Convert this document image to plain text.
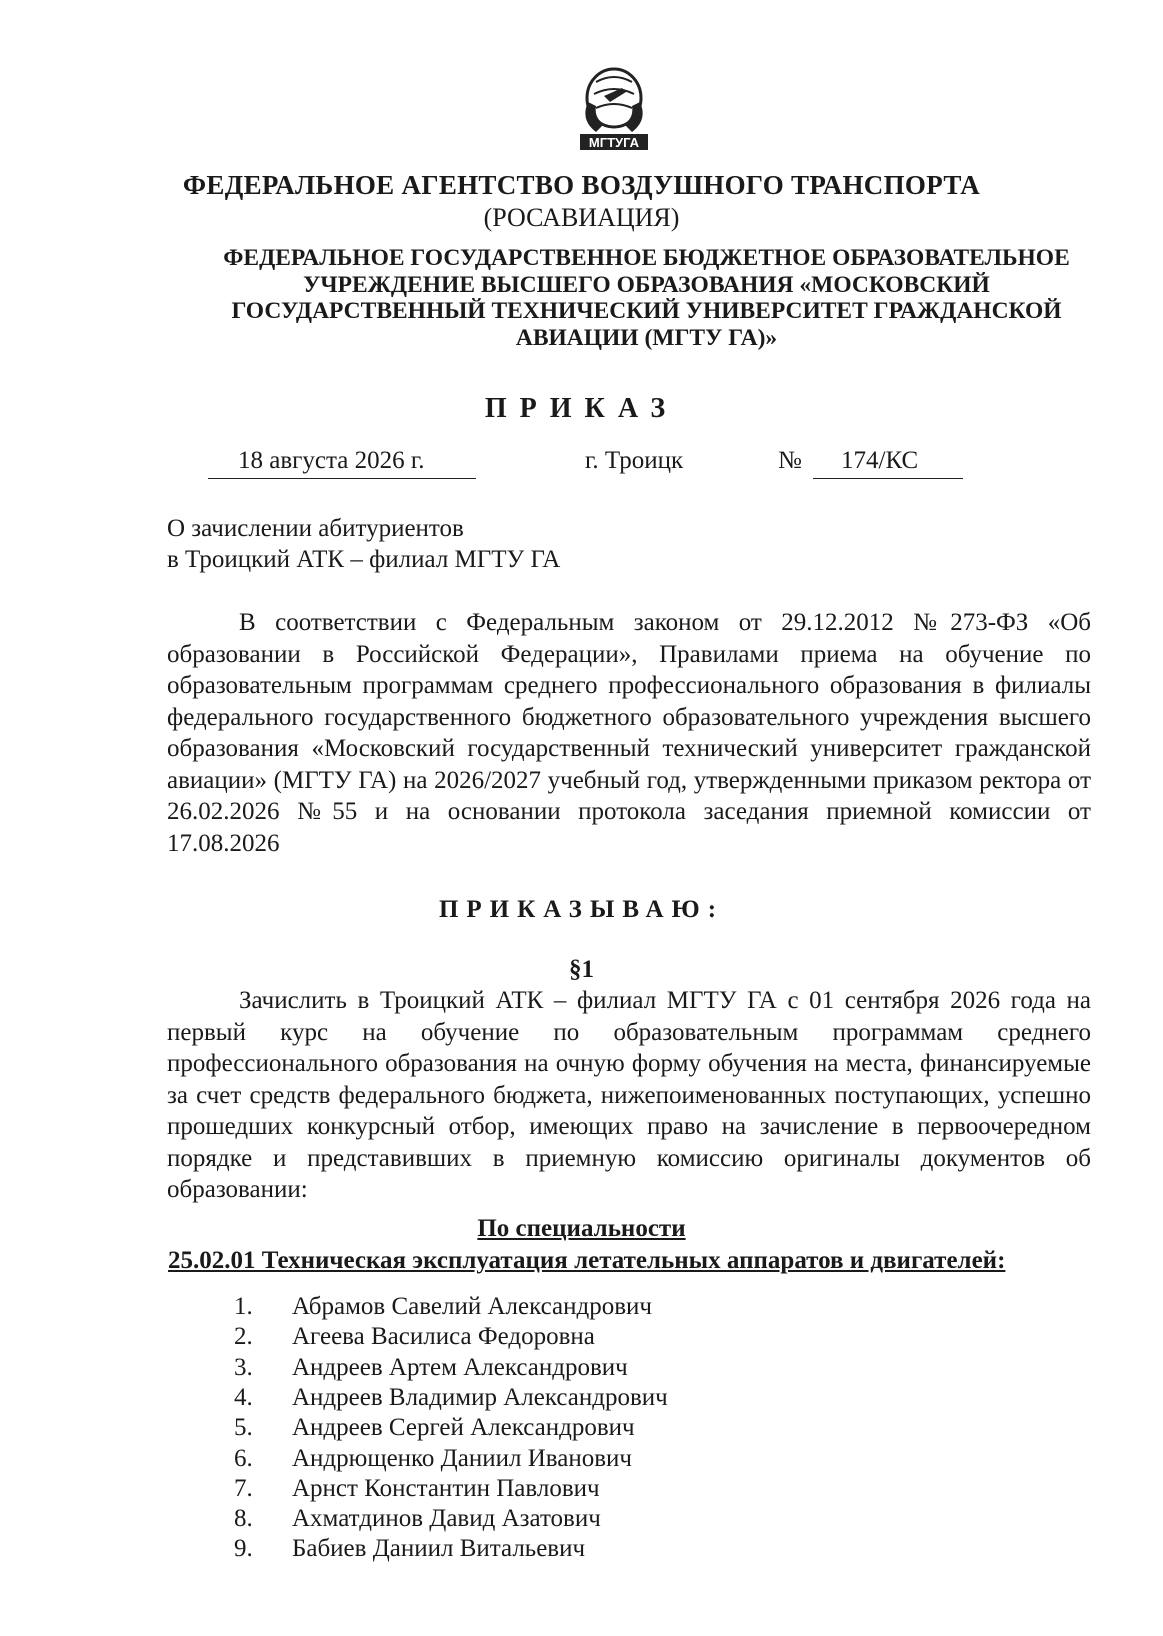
МГТУГА
ФЕДЕРАЛЬНОЕ АГЕНТСТВО ВОЗДУШНОГО ТРАНСПОРТА
(РОСАВИАЦИЯ)
ФЕДЕРАЛЬНОЕ ГОСУДАРСТВЕННОЕ БЮДЖЕТНОЕ ОБРАЗОВАТЕЛЬНОЕ УЧРЕЖДЕНИЕ ВЫСШЕГО ОБРАЗОВАНИЯ «МОСКОВСКИЙ ГОСУДАРСТВЕННЫЙ ТЕХНИЧЕСКИЙ УНИВЕРСИТЕТ ГРАЖДАНСКОЙ АВИАЦИИ (МГТУ ГА)»
ПРИКАЗ
18 августа 2026 г.	г. Троицк	№	174/КС
О зачислении абитуриентов
в Троицкий АТК – филиал МГТУ ГА

В соответствии с Федеральным законом от 29.12.2012 №273-ФЗ «Об образовании в Российской Федерации», Правилами приема на обучение по образовательным программам среднего профессионального образования в филиалы федерального государственного бюджетного образовательного учреждения высшего образования «Московский государственный технический университет гражданской авиации» (МГТУ ГА) на 2026/2027 учебный год, утвержденными приказом ректора от 26.02.2026 №55 и на основании протокола заседания приемной комиссии от 17.08.2026

ПРИКАЗЫВАЮ:
§1

Зачислить в Троицкий АТК – филиал МГТУ ГА с 01 сентября 2026 года на первый курс на обучение по образовательным программам среднего профессионального образования на очную форму обучения на места, финансируемые за счет средств федерального бюджета, нижепоименованных поступающих, успешно прошедших конкурсный отбор, имеющих право на зачисление в первоочередном порядке и представивших в приемную комиссию оригиналы документов об образовании:

По специальности
25.02.01 Техническая эксплуатация летательных аппаратов и двигателей:
1.	Абрамов Савелий Александрович
2.	Агеева Василиса Федоровна
3.	Андреев Артем Александрович
4.	Андреев Владимир Александрович
5.	Андреев Сергей Александрович
6.	Андрющенко Даниил Иванович
7.	Арнст Константин Павлович
8.	Ахматдинов Давид Азатович
9.	Бабиев Даниил Витальевич
